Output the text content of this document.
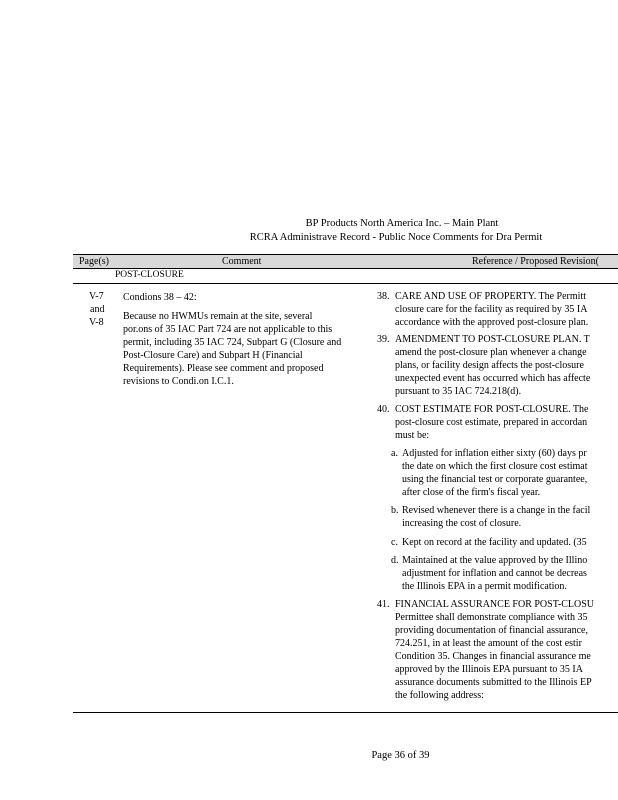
BP Products North America Inc. – Main Plant
RCRA Administrave Record - Public Noce Comments for Dra Permit
Page(s)	Comment	Reference / Proposed Revision(
POST-CLOSURE
V-7
and
V-8
Condions 38 – 42:
Because no HWMUs remain at the site, several
por.ons of 35 IAC Part 724 are not applicable to this
permit, including 35 IAC 724, Subpart G (Closure and
Post-Closure Care) and Subpart H (Financial
Requirements). Please see comment and proposed
revisions to Condi.on I.C.1.
38. CARE AND USE OF PROPERTY. The Permitt
closure care for the facility as required by 35 IA
accordance with the approved post-closure plan.
39. AMENDMENT TO POST-CLOSURE PLAN. T
amend the post-closure plan whenever a change
plans, or facility design affects the post-closure
unexpected event has occurred which has affecte
pursuant to 35 IAC 724.218(d).
40. COST ESTIMATE FOR POST-CLOSURE. The
post-closure cost estimate, prepared in accordan
must be:
a. Adjusted for inflation either sixty (60) days pr
the date on which the first closure cost estimat
using the financial test or corporate guarantee,
after close of the firm's fiscal year.
b. Revised whenever there is a change in the facil
increasing the cost of closure.
c. Kept on record at the facility and updated. (35
d. Maintained at the value approved by the Illino
adjustment for inflation and cannot be decreas
the Illinois EPA in a permit modification.
41. FINANCIAL ASSURANCE FOR POST-CLOSU
Permittee shall demonstrate compliance with 35
providing documentation of financial assurance,
724.251, in at least the amount of the cost estir
Condition 35. Changes in financial assurance me
approved by the Illinois EPA pursuant to 35 IA
assurance documents submitted to the Illinois EP
the following address:
Page 36 of 39
